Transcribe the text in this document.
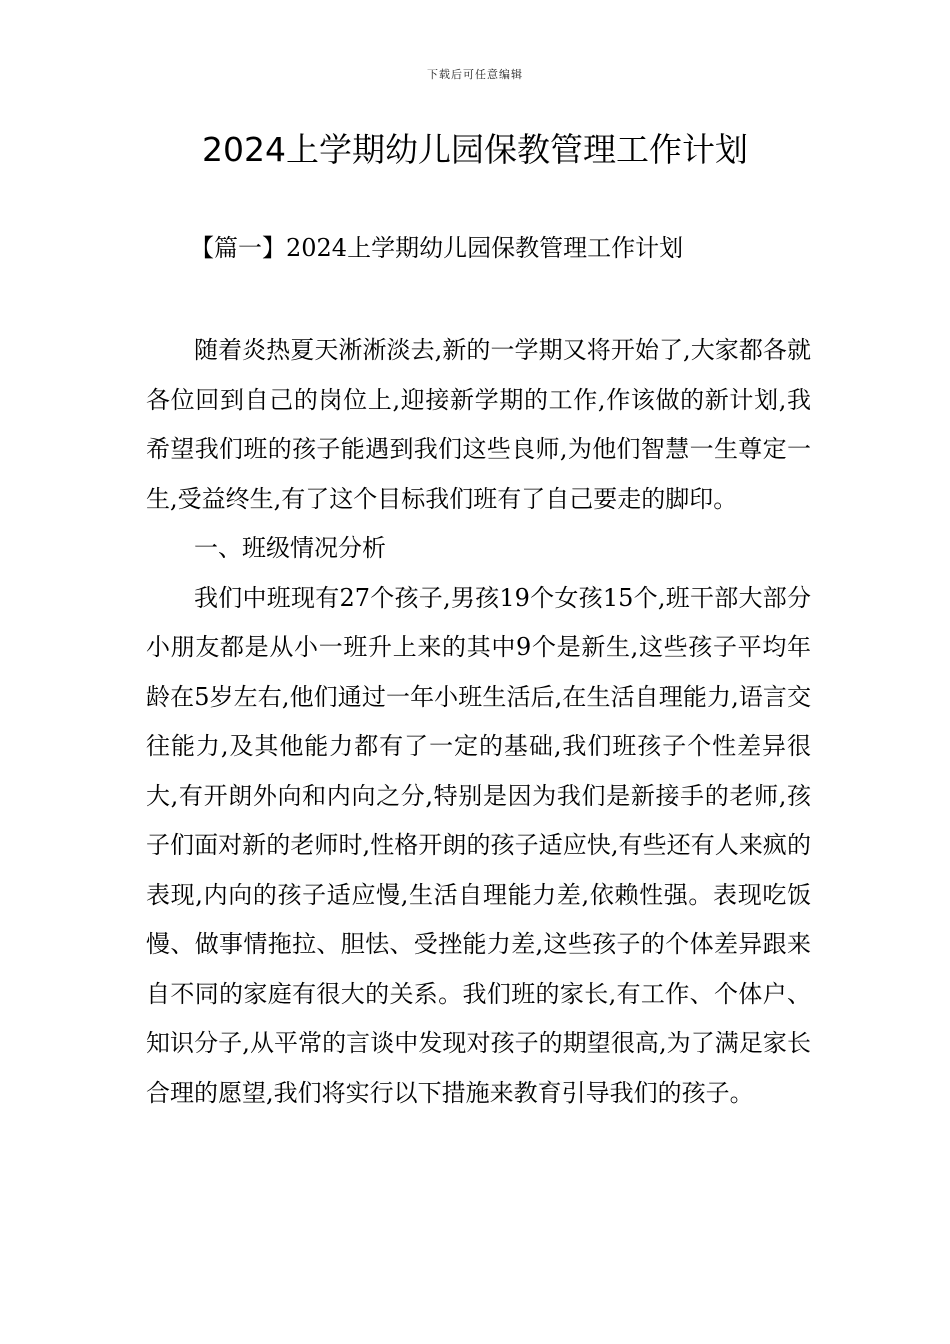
下载后可任意编辑
2024上学期幼儿园保教管理工作计划
【篇一】2024上学期幼儿园保教管理工作计划

随着炎热夏天淅淅淡去,新的一学期又将开始了,大家都各就各位回到自己的岗位上,迎接新学期的工作,作该做的新计划,我希望我们班的孩子能遇到我们这些良师,为他们智慧一生尊定一生,受益终生,有了这个目标我们班有了自己要走的脚印。

一、班级情况分析

我们中班现有27个孩子,男孩19个女孩15个,班干部大部分小朋友都是从小一班升上来的其中9个是新生,这些孩子平均年龄在5岁左右,他们通过一年小班生活后,在生活自理能力,语言交往能力,及其他能力都有了一定的基础,我们班孩子个性差异很大,有开朗外向和内向之分,特别是因为我们是新接手的老师,孩子们面对新的老师时,性格开朗的孩子适应快,有些还有人来疯的表现,内向的孩子适应慢,生活自理能力差,依赖性强。表现吃饭慢、做事情拖拉、胆怯、受挫能力差,这些孩子的个体差异跟来自不同的家庭有很大的关系。我们班的家长,有工作、个体户、知识分子,从平常的言谈中发现对孩子的期望很高,为了满足家长合理的愿望,我们将实行以下措施来教育引导我们的孩子。
